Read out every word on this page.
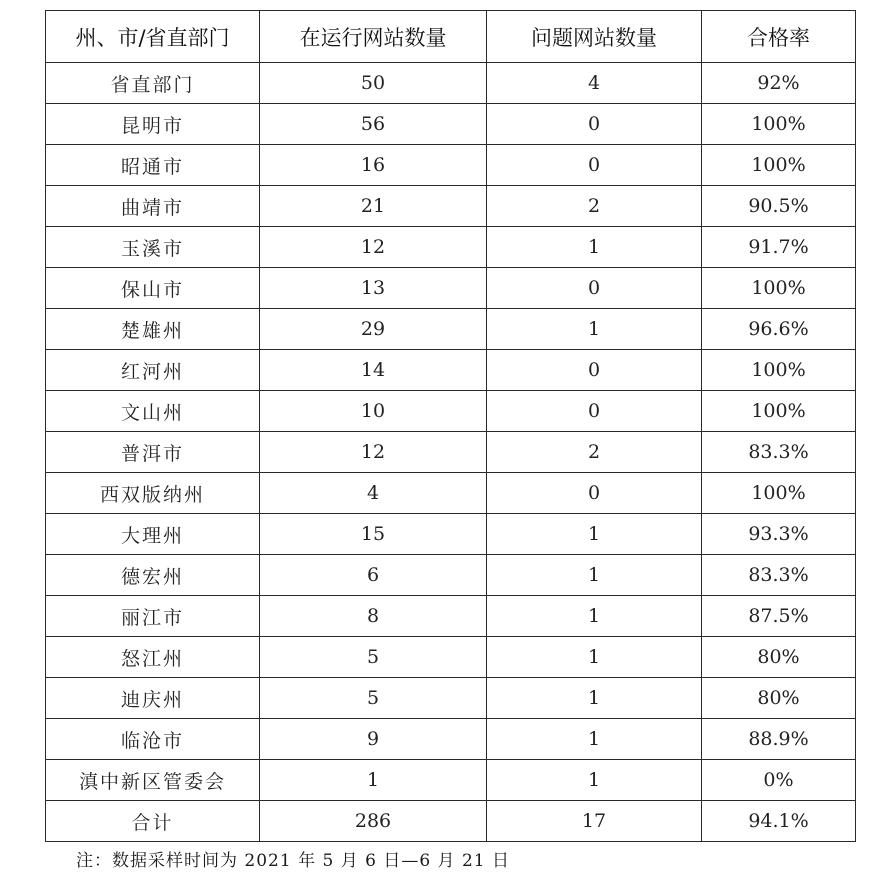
州、市/省直部门	在运行网站数量	问题网站数量	合格率
省直部门	50	4	92%
昆明市	56	0	100%
昭通市	16	0	100%
曲靖市	21	2	90.5%
玉溪市	12	1	91.7%
保山市	13	0	100%
楚雄州	29	1	96.6%
红河州	14	0	100%
文山州	10	0	100%
普洱市	12	2	83.3%
西双版纳州	4	0	100%
大理州	15	1	93.3%
德宏州	6	1	83.3%
丽江市	8	1	87.5%
怒江州	5	1	80%
迪庆州	5	1	80%
临沧市	9	1	88.9%
滇中新区管委会	1	1	0%
合计	286	17	94.1%
注：数据采样时间为 2021 年 5 月 6 日—6 月 21 日
